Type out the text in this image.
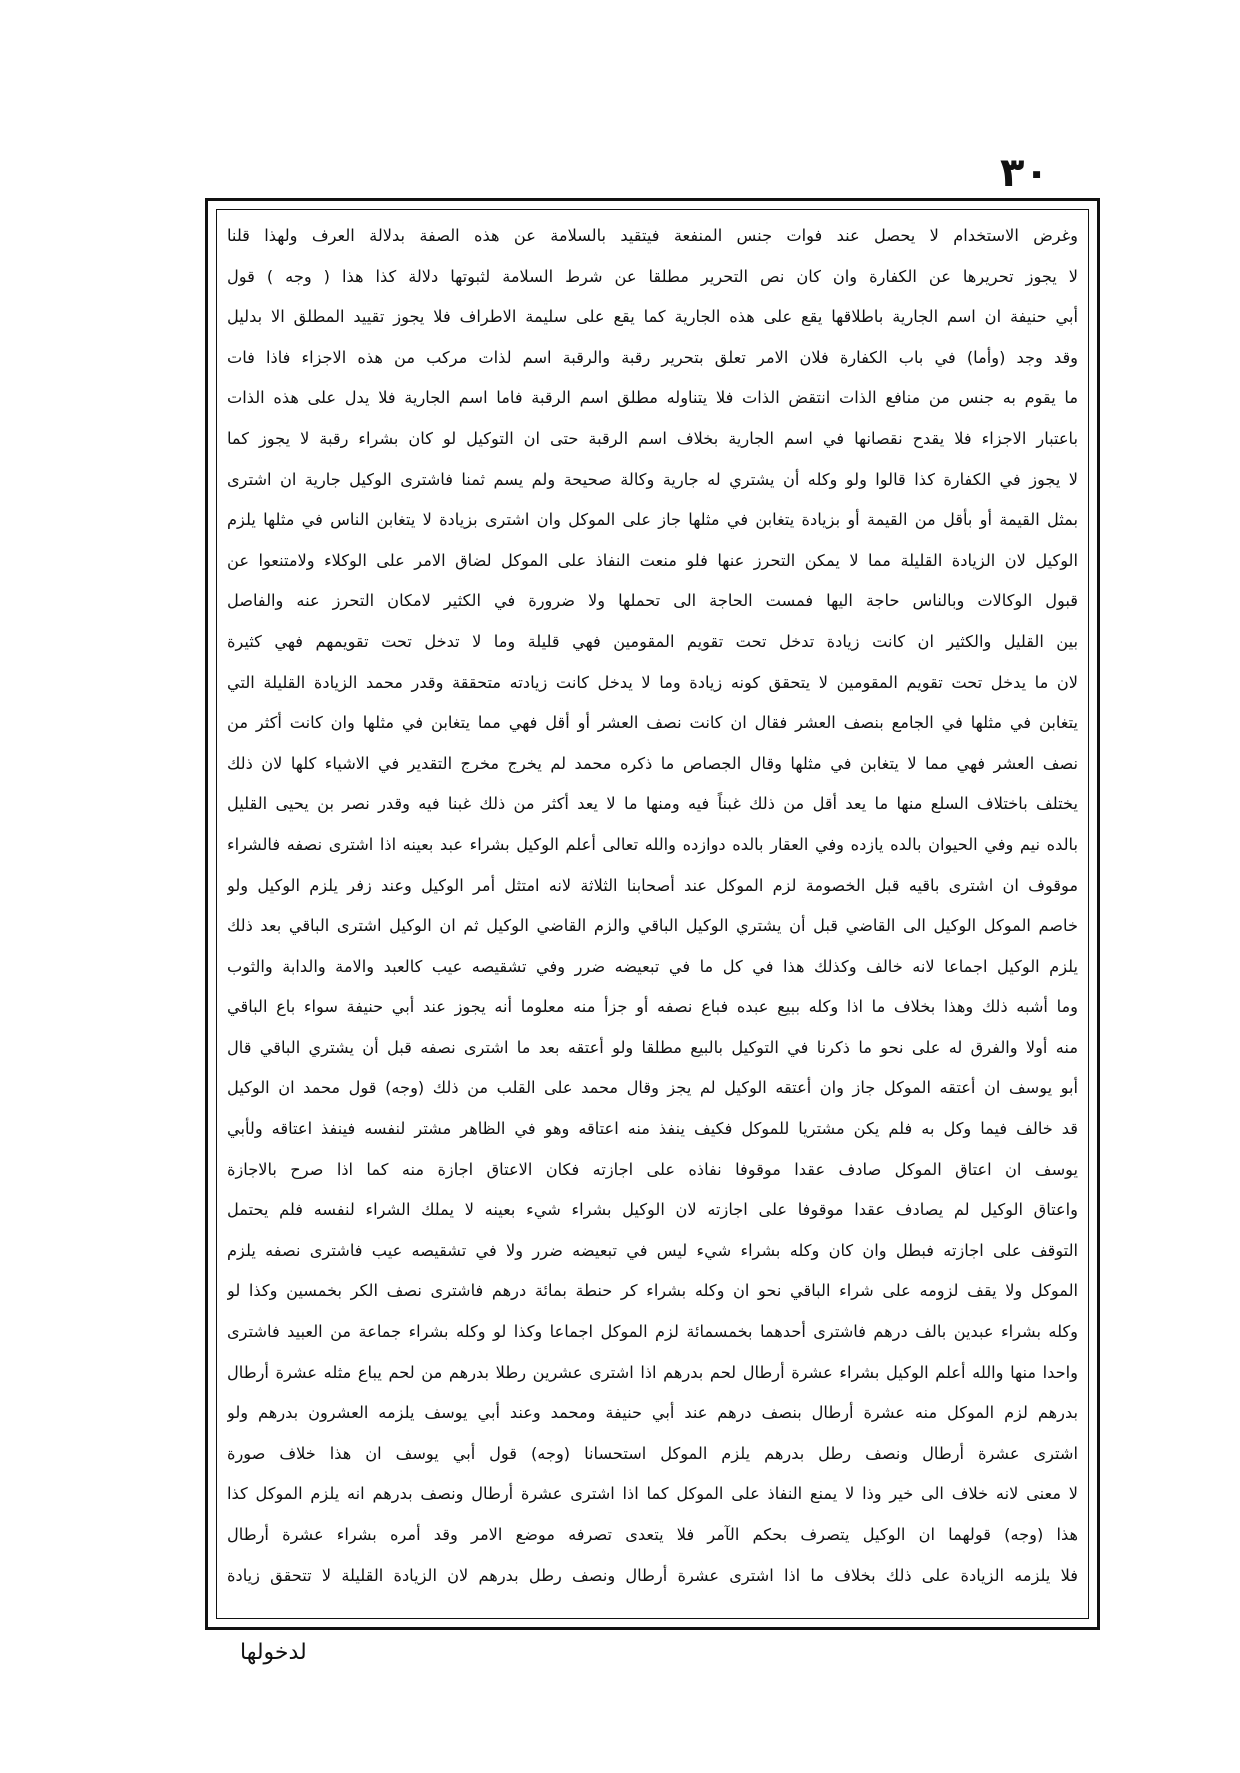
٣٠
وغرض الاستخدام لا يحصل عند فوات جنس المنفعة فيتقيد بالسلامة عن هذه الصفة بدلالة العرف ولهذا قلنا
لا يجوز تحريرها عن الكفارة وان كان نص التحرير مطلقا عن شرط السلامة لثبوتها دلالة كذا هذا ( وجه ) قول
أبي حنيفة ان اسم الجارية باطلاقها يقع على هذه الجارية كما يقع على سليمة الاطراف فلا يجوز تقييد المطلق الا بدليل
وقد وجد (وأما) في باب الكفارة فلان الامر تعلق بتحرير رقبة والرقبة اسم لذات مركب من هذه الاجزاء فاذا فات
ما يقوم به جنس من منافع الذات انتقض الذات فلا يتناوله مطلق اسم الرقبة فاما اسم الجارية فلا يدل على هذه الذات
باعتبار الاجزاء فلا يقدح نقصانها في اسم الجارية بخلاف اسم الرقبة حتى ان التوكيل لو كان بشراء رقبة لا يجوز كما
لا يجوز في الكفارة كذا قالوا ولو وكله أن يشتري له جارية وكالة صحيحة ولم يسم ثمنا فاشترى الوكيل جارية ان اشترى
بمثل القيمة أو بأقل من القيمة أو بزيادة يتغابن في مثلها جاز على الموكل وان اشترى بزيادة لا يتغابن الناس في مثلها يلزم
الوكيل لان الزيادة القليلة مما لا يمكن التحرز عنها فلو منعت النفاذ على الموكل لضاق الامر على الوكلاء ولامتنعوا عن
قبول الوكالات وبالناس حاجة اليها فمست الحاجة الى تحملها ولا ضرورة في الكثير لامكان التحرز عنه والفاصل
بين القليل والكثير ان كانت زيادة تدخل تحت تقويم المقومين فهي قليلة وما لا تدخل تحت تقويمهم فهي كثيرة
لان ما يدخل تحت تقويم المقومين لا يتحقق كونه زيادة وما لا يدخل كانت زيادته متحققة وقدر محمد الزيادة القليلة التي
يتغابن في مثلها في الجامع بنصف العشر فقال ان كانت نصف العشر أو أقل فهي مما يتغابن في مثلها وان كانت أكثر من
نصف العشر فهي مما لا يتغابن في مثلها وقال الجصاص ما ذكره محمد لم يخرج مخرج التقدير في الاشياء كلها لان ذلك
يختلف باختلاف السلع منها ما يعد أقل من ذلك غبناً فيه ومنها ما لا يعد أكثر من ذلك غبنا فيه وقدر نصر بن يحيى القليل
بالده نيم وفي الحيوان بالده يازده وفي العقار بالده دوازده والله تعالى أعلم الوكيل بشراء عبد بعينه اذا اشترى نصفه فالشراء
موقوف ان اشترى باقيه قبل الخصومة لزم الموكل عند أصحابنا الثلاثة لانه امتثل أمر الوكيل وعند زفر يلزم الوكيل ولو
خاصم الموكل الوكيل الى القاضي قبل أن يشتري الوكيل الباقي والزم القاضي الوكيل ثم ان الوكيل اشترى الباقي بعد ذلك
يلزم الوكيل اجماعا لانه خالف وكذلك هذا في كل ما في تبعيضه ضرر وفي تشقيصه عيب كالعبد والامة والدابة والثوب
وما أشبه ذلك وهذا بخلاف ما اذا وكله ببيع عبده فباع نصفه أو جزأ منه معلوما أنه يجوز عند أبي حنيفة سواء باع الباقي
منه أولا والفرق له على نحو ما ذكرنا في التوكيل بالبيع مطلقا ولو أعتقه بعد ما اشترى نصفه قبل أن يشتري الباقي قال
أبو يوسف ان أعتقه الموكل جاز وان أعتقه الوكيل لم يجز وقال محمد على القلب من ذلك (وجه) قول محمد ان الوكيل
قد خالف فيما وكل به فلم يكن مشتريا للموكل فكيف ينفذ منه اعتاقه وهو في الظاهر مشتر لنفسه فينفذ اعتاقه ولأبي
يوسف ان اعتاق الموكل صادف عقدا موقوفا نفاذه على اجازته فكان الاعتاق اجازة منه كما اذا صرح بالاجازة
واعتاق الوكيل لم يصادف عقدا موقوفا على اجازته لان الوكيل بشراء شيء بعينه لا يملك الشراء لنفسه فلم يحتمل
التوقف على اجازته فبطل وان كان وكله بشراء شيء ليس في تبعيضه ضرر ولا في تشقيصه عيب فاشترى نصفه يلزم
الموكل ولا يقف لزومه على شراء الباقي نحو ان وكله بشراء كر حنطة بمائة درهم فاشترى نصف الكر بخمسين وكذا لو
وكله بشراء عبدين بالف درهم فاشترى أحدهما بخمسمائة لزم الموكل اجماعا وكذا لو وكله بشراء جماعة من العبيد فاشترى
واحدا منها والله أعلم الوكيل بشراء عشرة أرطال لحم بدرهم اذا اشترى عشرين رطلا بدرهم من لحم يباع مثله عشرة أرطال
بدرهم لزم الموكل منه عشرة أرطال بنصف درهم عند أبي حنيفة ومحمد وعند أبي يوسف يلزمه العشرون بدرهم ولو
اشترى عشرة أرطال ونصف رطل بدرهم يلزم الموكل استحسانا (وجه) قول أبي يوسف ان هذا خلاف صورة
لا معنى لانه خلاف الى خير وذا لا يمنع النفاذ على الموكل كما اذا اشترى عشرة أرطال ونصف بدرهم انه يلزم الموكل كذا
هذا (وجه) قولهما ان الوكيل يتصرف بحكم الآمر فلا يتعدى تصرفه موضع الامر وقد أمره بشراء عشرة أرطال
فلا يلزمه الزيادة على ذلك بخلاف ما اذا اشترى عشرة أرطال ونصف رطل بدرهم لان الزيادة القليلة لا تتحقق زيادة
لدخولها
